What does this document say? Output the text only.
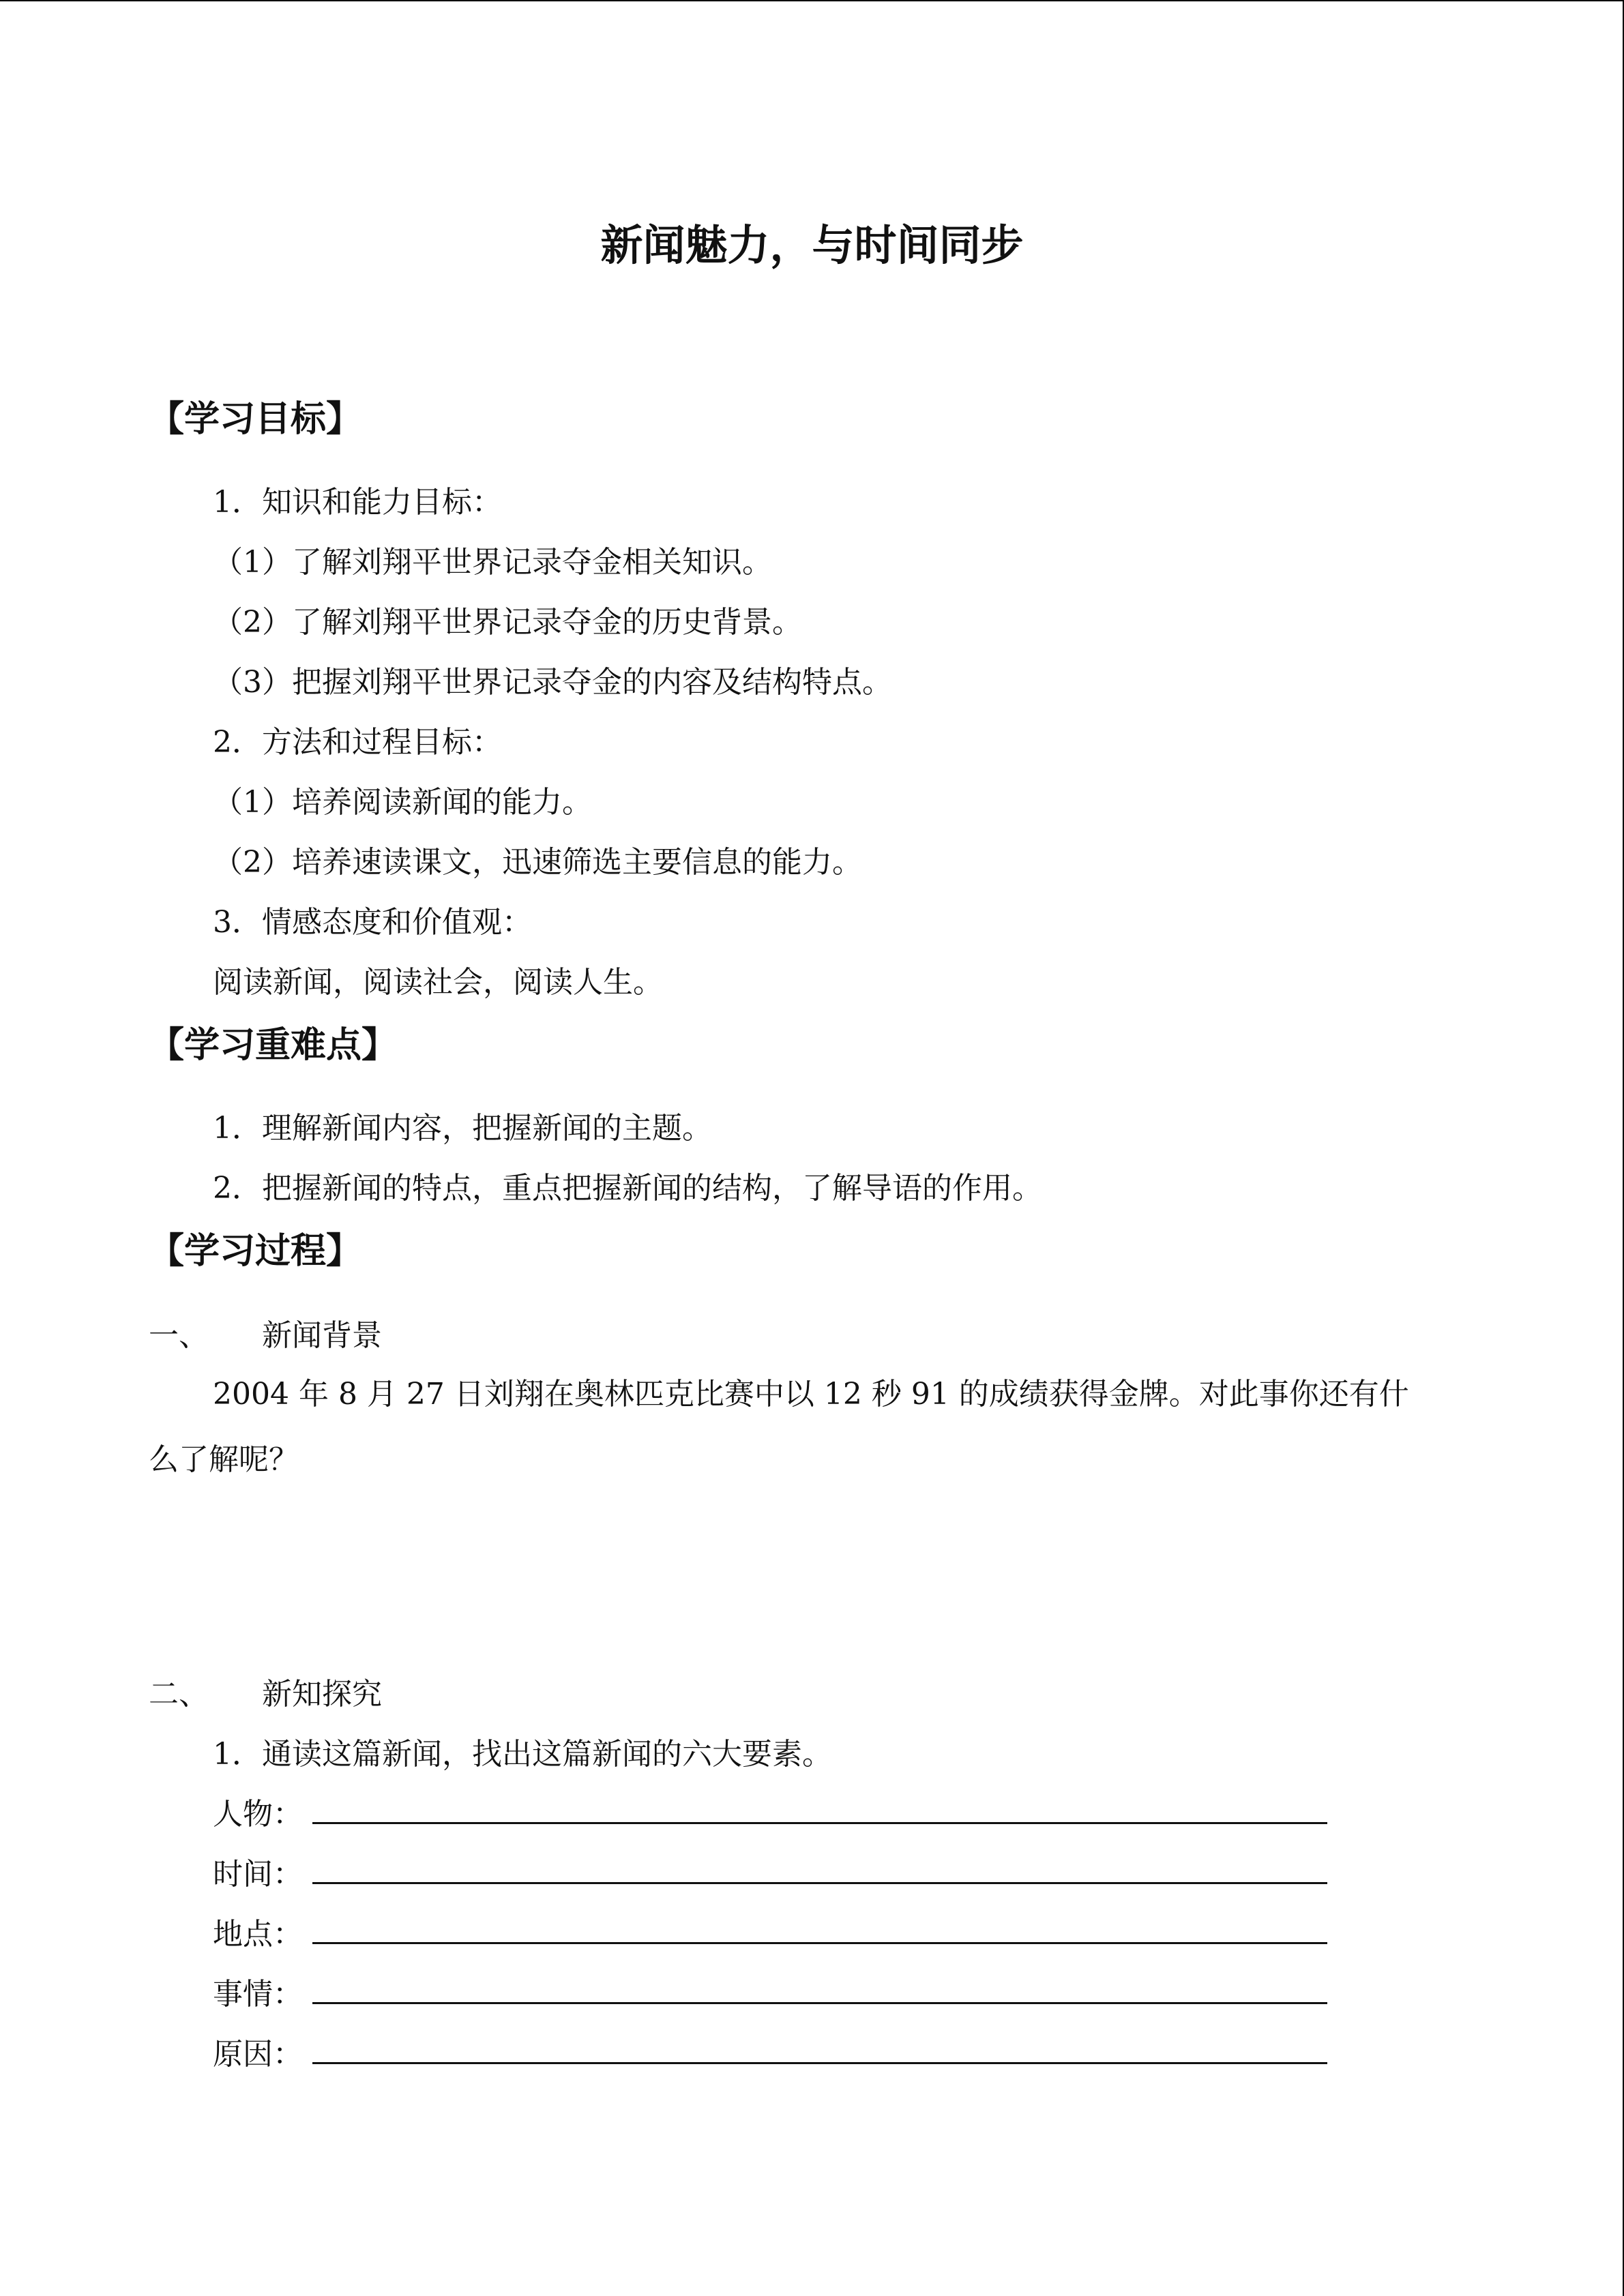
新闻魅力，与时间同步
【学习目标】
1．知识和能力目标：
（1）了解刘翔平世界记录夺金相关知识。
（2）了解刘翔平世界记录夺金的历史背景。
（3）把握刘翔平世界记录夺金的内容及结构特点。
2．方法和过程目标：
（1）培养阅读新闻的能力。
（2）培养速读课文，迅速筛选主要信息的能力。
3．情感态度和价值观：
阅读新闻，阅读社会，阅读人生。
【学习重难点】
1．理解新闻内容，把握新闻的主题。
2．把握新闻的特点，重点把握新闻的结构，了解导语的作用。
【学习过程】
一、 新闻背景
2004 年 8 月 27 日刘翔在奥林匹克比赛中以 12 秒 91 的成绩获得金牌。对此事你还有什
么了解呢？
二、 新知探究
1．通读这篇新闻，找出这篇新闻的六大要素。
人物：
时间：
地点：
事情：
原因：
